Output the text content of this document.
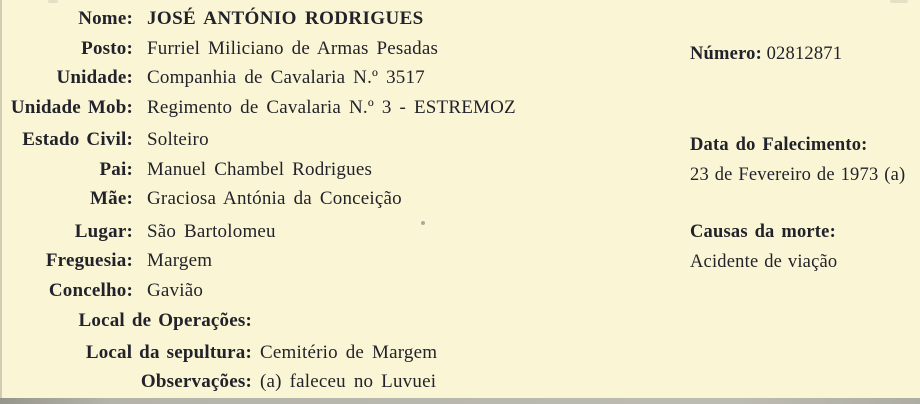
Nome: JOSÉ ANTÓNIO RODRIGUES
Posto: Furriel Miliciano de Armas Pesadas
Unidade: Companhia de Cavalaria N.º 3517
Unidade Mob: Regimento de Cavalaria N.º 3 - ESTREMOZ
Estado Civil: Solteiro
Pai: Manuel Chambel Rodrigues
Mãe: Graciosa Antónia da Conceição
Lugar: São Bartolomeu
Freguesia: Margem
Concelho: Gavião
Local de Operações:
Local da sepultura: Cemitério de Margem
Observações: (a) faleceu no Luvuei
Número: 02812871
Data do Falecimento:
23 de Fevereiro de 1973 (a)
Causas da morte:
Acidente de viação
